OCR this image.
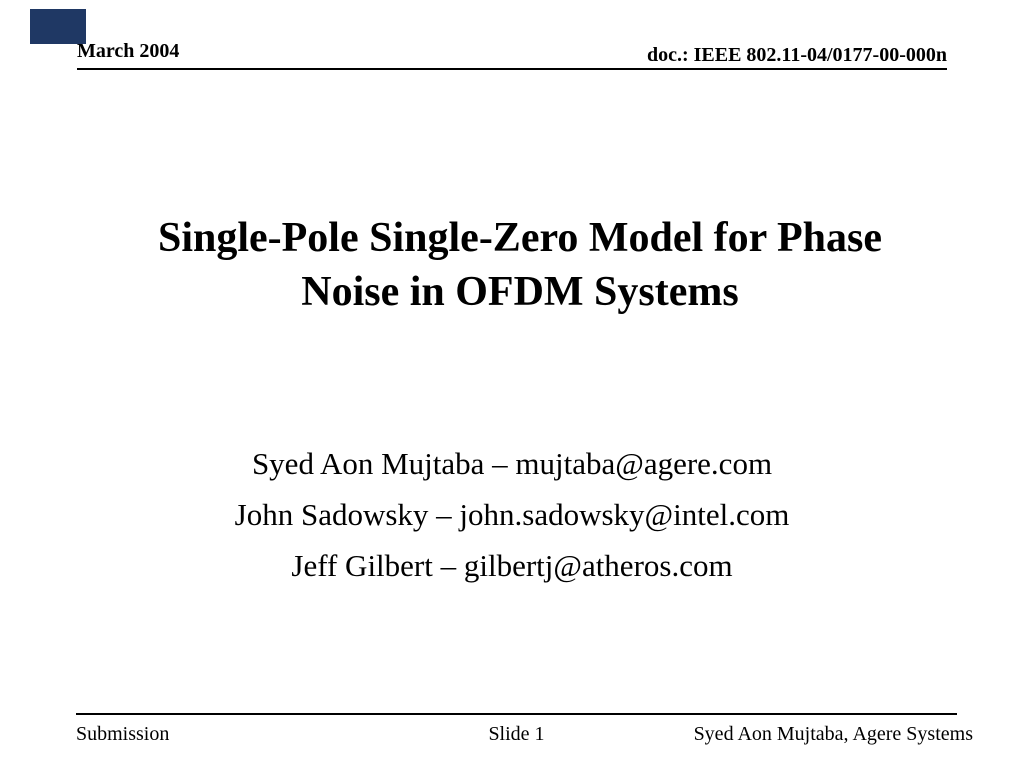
March 2004	doc.: IEEE 802.11-04/0177-00-000n
Single-Pole Single-Zero Model for Phase
Noise in OFDM Systems

Syed Aon Mujtaba – mujtaba@agere.com

John Sadowsky – john.sadowsky@intel.com

Jeff Gilbert – gilbertj@atheros.com

Submission	Slide 1	Syed Aon Mujtaba, Agere Systems
